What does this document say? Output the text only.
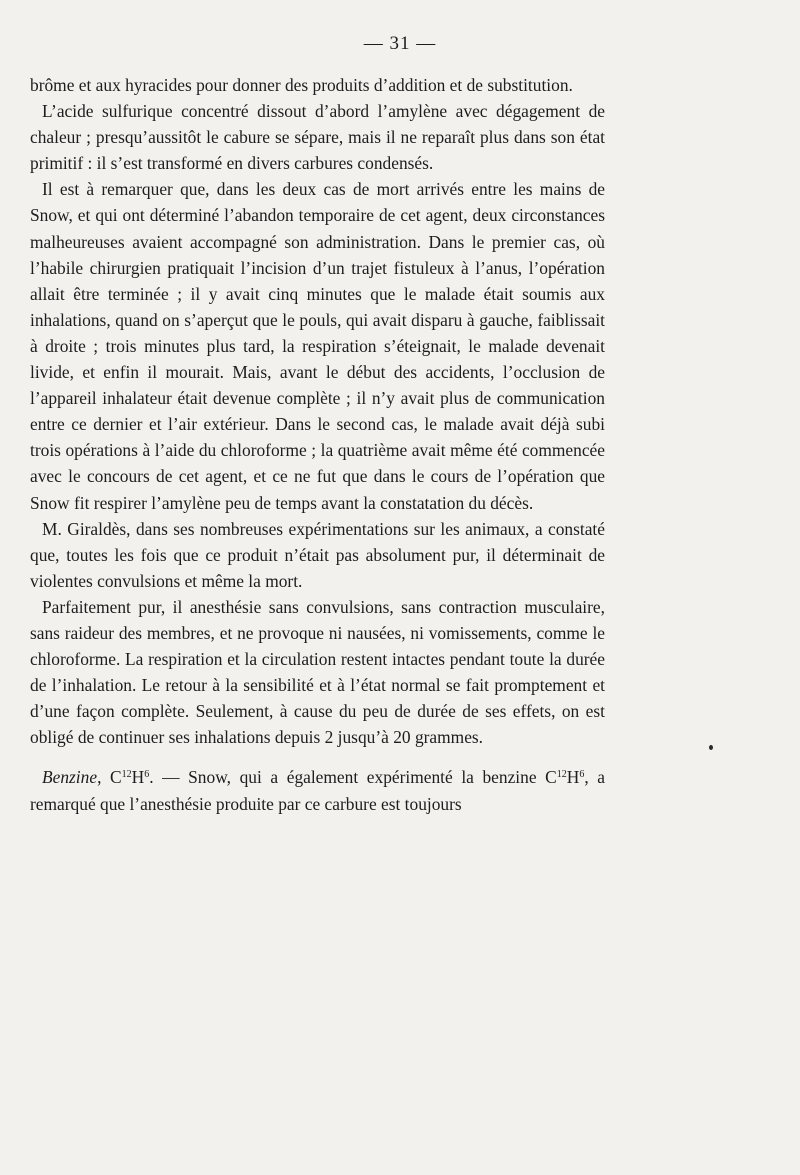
— 31 —

brôme et aux hyracides pour donner des produits d’addition et de substitution.

L’acide sulfurique concentré dissout d’abord l’amylène avec dégagement de chaleur ; presqu’aussitôt le cabure se sépare, mais il ne reparaît plus dans son état primitif : il s’est transformé en divers carbures condensés.

Il est à remarquer que, dans les deux cas de mort arrivés entre les mains de Snow, et qui ont déterminé l’abandon temporaire de cet agent, deux circonstances malheureuses avaient accompagné son administration. Dans le premier cas, où l’habile chirurgien pratiquait l’incision d’un trajet fistuleux à l’anus, l’opération allait être terminée ; il y avait cinq minutes que le malade était soumis aux inhalations, quand on s’aperçut que le pouls, qui avait disparu à gauche, faiblissait à droite ; trois minutes plus tard, la respiration s’éteignait, le malade devenait livide, et enfin il mourait. Mais, avant le début des accidents, l’occlusion de l’appareil inhalateur était devenue complète ; il n’y avait plus de communication entre ce dernier et l’air extérieur. Dans le second cas, le malade avait déjà subi trois opérations à l’aide du chloroforme ; la quatrième avait même été commencée avec le concours de cet agent, et ce ne fut que dans le cours de l’opération que Snow fit respirer l’amylène peu de temps avant la constatation du décès.

M. Giraldès, dans ses nombreuses expérimentations sur les animaux, a constaté que, toutes les fois que ce produit n’était pas absolument pur, il déterminait de violentes convulsions et même la mort.

Parfaitement pur, il anesthésie sans convulsions, sans contraction musculaire, sans raideur des membres, et ne provoque ni nausées, ni vomissements, comme le chloroforme. La respiration et la circulation restent intactes pendant toute la durée de l’inhalation. Le retour à la sensibilité et à l’état normal se fait promptement et d’une façon complète. Seulement, à cause du peu de durée de ses effets, on est obligé de continuer ses inhalations depuis 2 jusqu’à 20 grammes.

Benzine, $C^{12}H^6$. — Snow, qui a également expérimenté la benzine $C^{12}H^6$, a remarqué que l’anesthésie produite par ce carbure est toujours
